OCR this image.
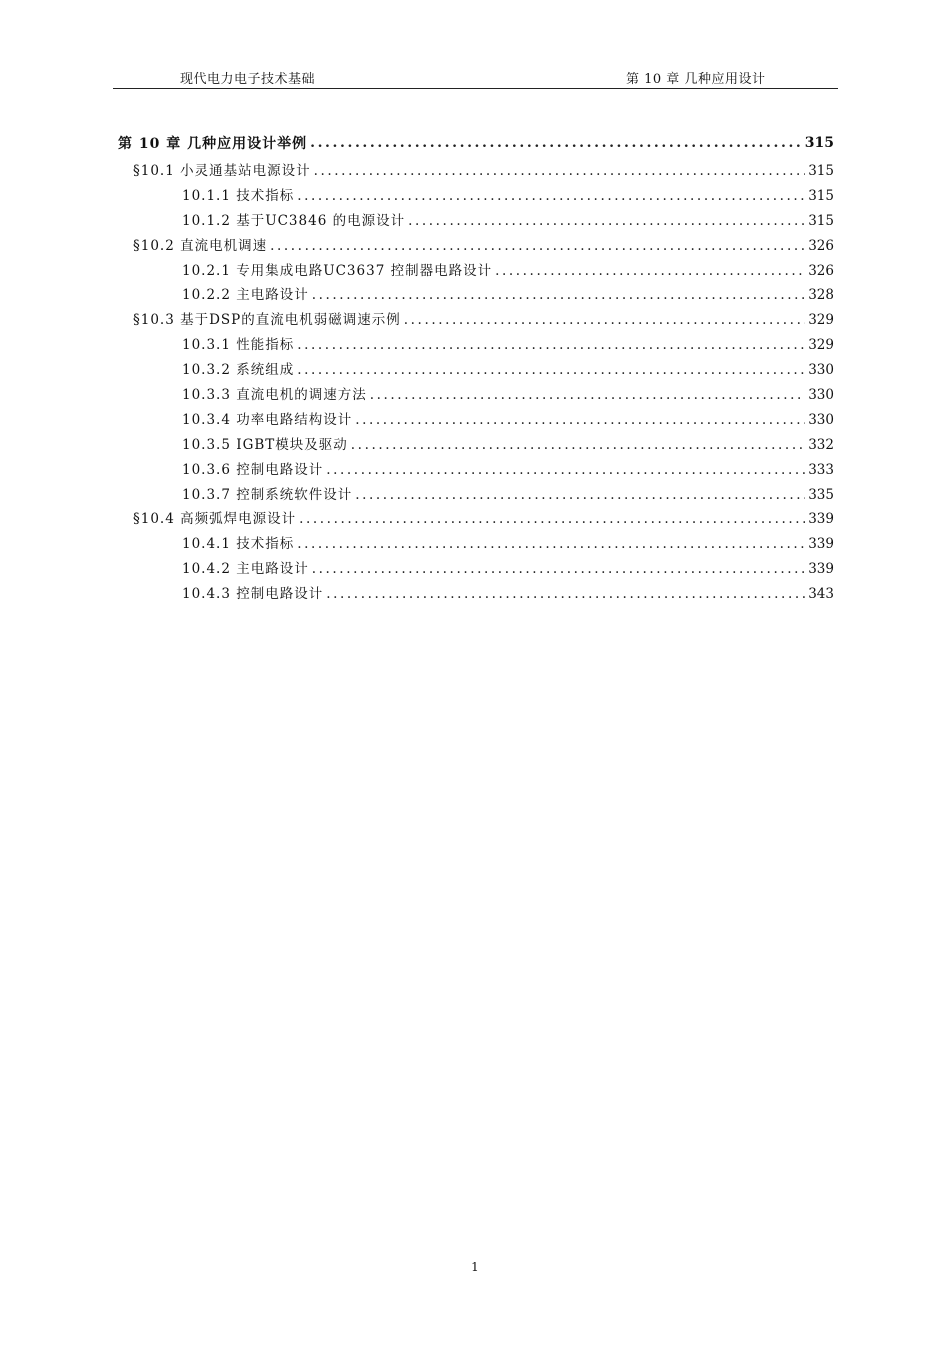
现代电力电子技术基础	第 10 章 几种应用设计
第 10 章 几种应用设计举例 .....	315
§10.1 小灵通基站电源设计 .....	315
10.1.1 技术指标 .....	315
10.1.2 基于UC3846 的电源设计 .....	315
§10.2 直流电机调速 .....	326
10.2.1 专用集成电路UC3637 控制器电路设计 .....	326
10.2.2 主电路设计 .....	328
§10.3 基于DSP的直流电机弱磁调速示例 .....	329
10.3.1 性能指标 .....	329
10.3.2 系统组成 .....	330
10.3.3 直流电机的调速方法 .....	330
10.3.4 功率电路结构设计 .....	330
10.3.5 IGBT模块及驱动 .....	332
10.3.6 控制电路设计 .....	333
10.3.7 控制系统软件设计 .....	335
§10.4 高频弧焊电源设计 .....	339
10.4.1 技术指标 .....	339
10.4.2 主电路设计 .....	339
10.4.3 控制电路设计 .....	343
1
